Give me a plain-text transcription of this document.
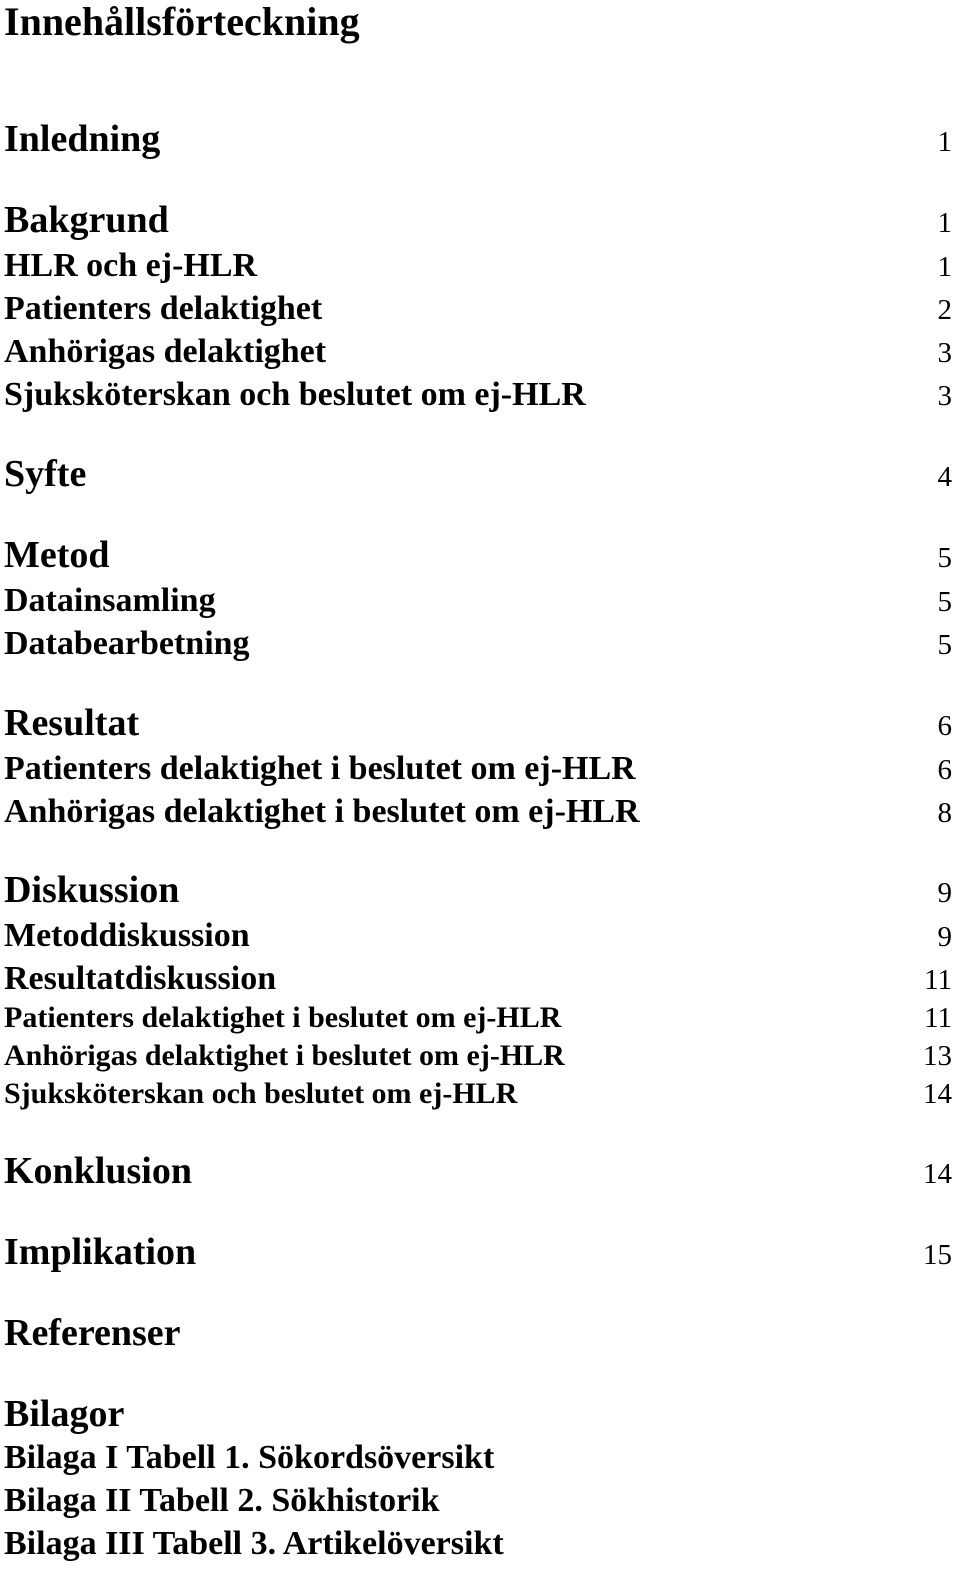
Innehållsförteckning
Inledning	1
Bakgrund	1
HLR och ej-HLR	1
Patienters delaktighet	2
Anhörigas delaktighet	3
Sjuksköterskan och beslutet om ej-HLR	3
Syfte	4
Metod	5
Datainsamling	5
Databearbetning	5
Resultat	6
Patienters delaktighet i beslutet om ej-HLR	6
Anhörigas delaktighet i beslutet om ej-HLR	8
Diskussion	9
Metoddiskussion	9
Resultatdiskussion	11
Patienters delaktighet i beslutet om ej-HLR	11
Anhörigas delaktighet i beslutet om ej-HLR	13
Sjuksköterskan och beslutet om ej-HLR	14
Konklusion	14
Implikation	15
Referenser
Bilagor
Bilaga I Tabell 1. Sökordsöversikt
Bilaga II Tabell 2. Sökhistorik
Bilaga III Tabell 3. Artikelöversikt
